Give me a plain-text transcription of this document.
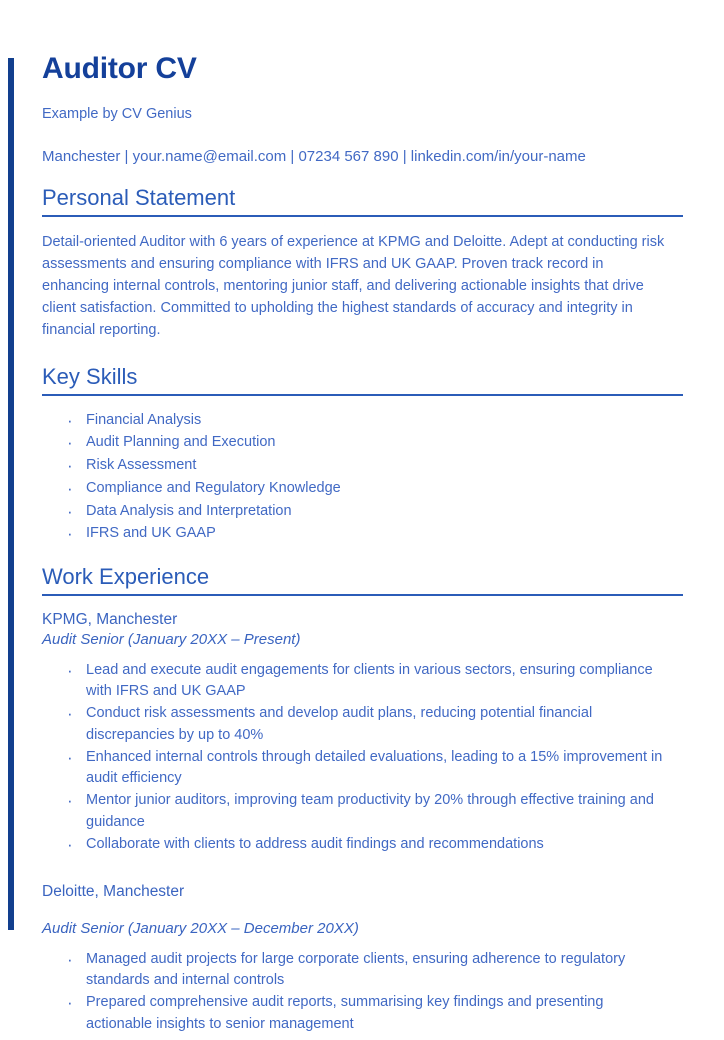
Auditor CV
Example by CV Genius
Manchester | your.name@email.com | 07234 567 890 | linkedin.com/in/your-name
Personal Statement

Detail-oriented Auditor with 6 years of experience at KPMG and Deloitte. Adept at conducting risk assessments and ensuring compliance with IFRS and UK GAAP. Proven track record in enhancing internal controls, mentoring junior staff, and delivering actionable insights that drive client satisfaction. Committed to upholding the highest standards of accuracy and integrity in financial reporting.

Key Skills
· Financial Analysis
· Audit Planning and Execution
· Risk Assessment
· Compliance and Regulatory Knowledge
· Data Analysis and Interpretation
· IFRS and UK GAAP
Work Experience
KPMG, Manchester
Audit Senior (January 20XX – Present)
· Lead and execute audit engagements for clients in various sectors, ensuring compliance with IFRS and UK GAAP
· Conduct risk assessments and develop audit plans, reducing potential financial discrepancies by up to 40%
· Enhanced internal controls through detailed evaluations, leading to a 15% improvement in audit efficiency
· Mentor junior auditors, improving team productivity by 20% through effective training and guidance
· Collaborate with clients to address audit findings and recommendations
Deloitte, Manchester
Audit Senior (January 20XX – December 20XX)
· Managed audit projects for large corporate clients, ensuring adherence to regulatory standards and internal controls
· Prepared comprehensive audit reports, summarising key findings and presenting actionable insights to senior management
